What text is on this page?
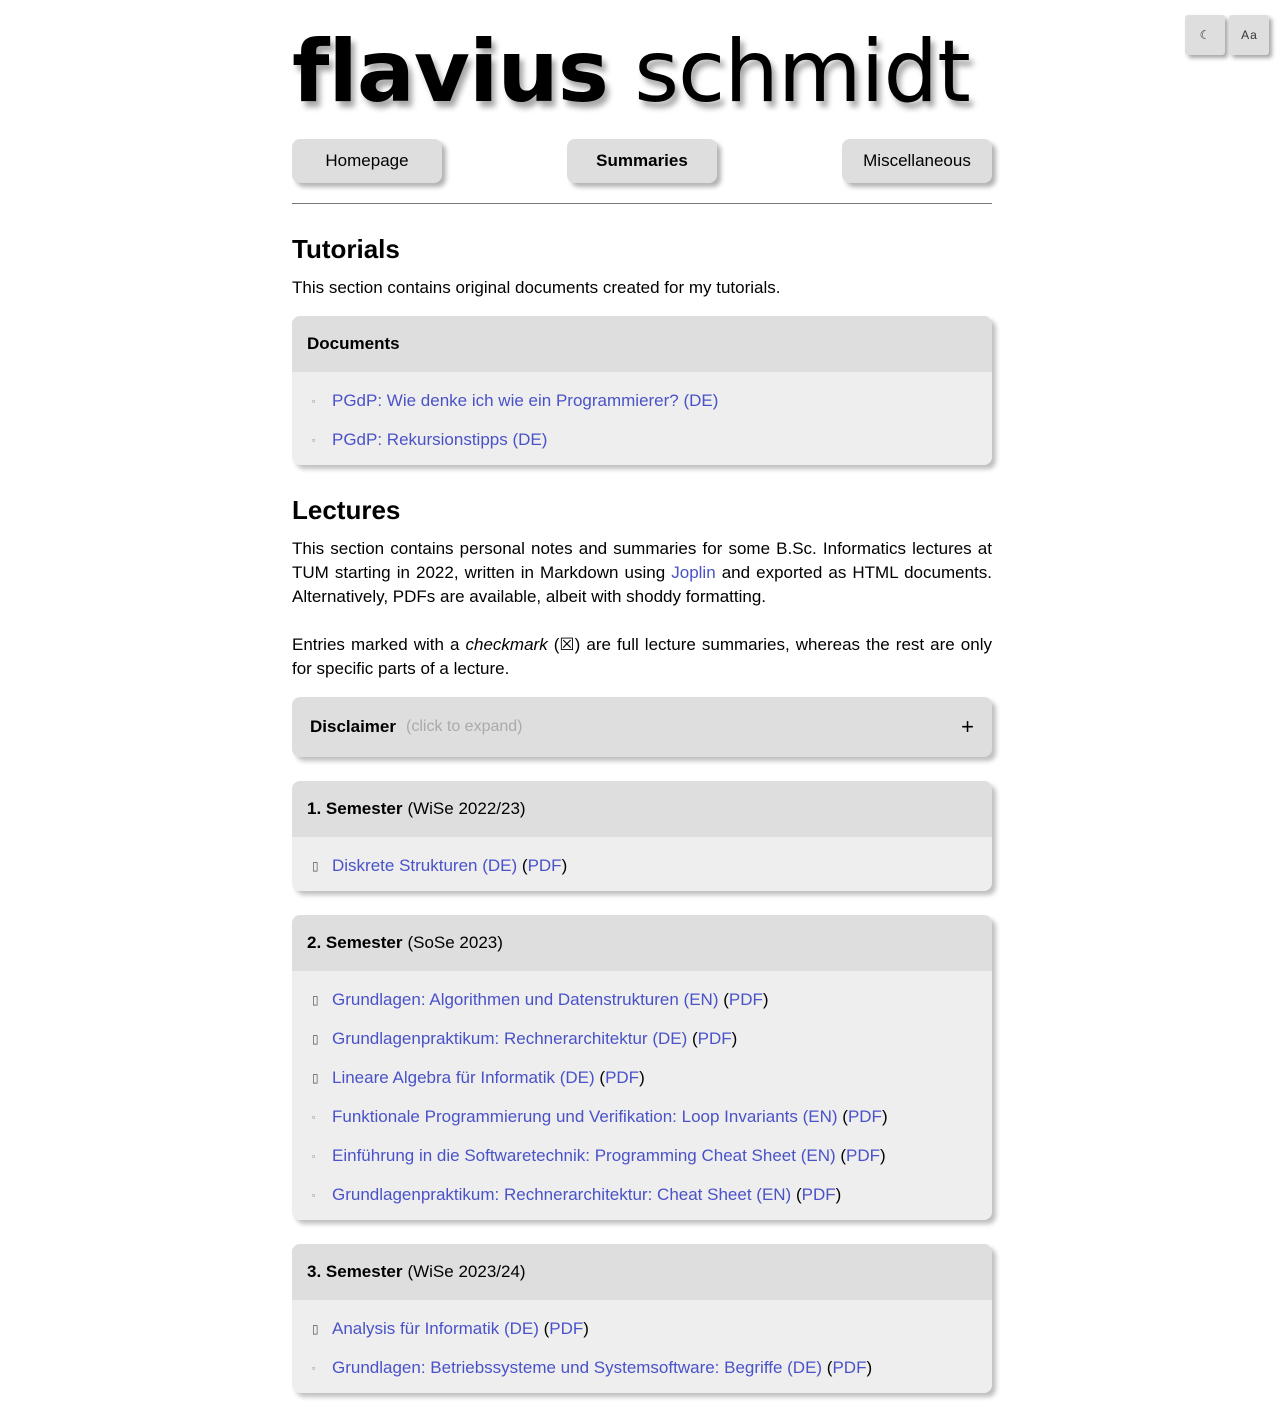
☾	A a
flavius schmidt
Homepage	Summaries	Miscellaneous
Tutorials

This section contains original documents created for my tutorials.

Documents
▫ PGdP: Wie denke ich wie ein Programmierer? (DE)
▫ PGdP: Rekursionstipps (DE)
Lectures

This section contains personal notes and summaries for some B.Sc. Informatics lectures at TUM starting in 2022, written in Markdown using Joplin and exported as HTML documents. Alternatively, PDFs are available, albeit with shoddy formatting.

Entries marked with a checkmark (☒) are full lecture summaries, whereas the rest are only for specific parts of a lecture.

Disclaimer (click to expand)	+
1. Semester (WiSe 2022/23)
▯ Diskrete Strukturen (DE) ( PDF )
2. Semester (SoSe 2023)
▯ Grundlagen: Algorithmen und Datenstrukturen (EN) ( PDF )
▯ Grundlagenpraktikum: Rechnerarchitektur (DE) ( PDF )
▯ Lineare Algebra für Informatik (DE) ( PDF )
▫ Funktionale Programmierung und Verifikation: Loop Invariants (EN) ( PDF )
▫ Einführung in die Softwaretechnik: Programming Cheat Sheet (EN) ( PDF )
▫ Grundlagenpraktikum: Rechnerarchitektur: Cheat Sheet (EN) ( PDF )
3. Semester (WiSe 2023/24)
▯ Analysis für Informatik (DE) ( PDF )
▫ Grundlagen: Betriebssysteme und Systemsoftware: Begriffe (DE) ( PDF )
